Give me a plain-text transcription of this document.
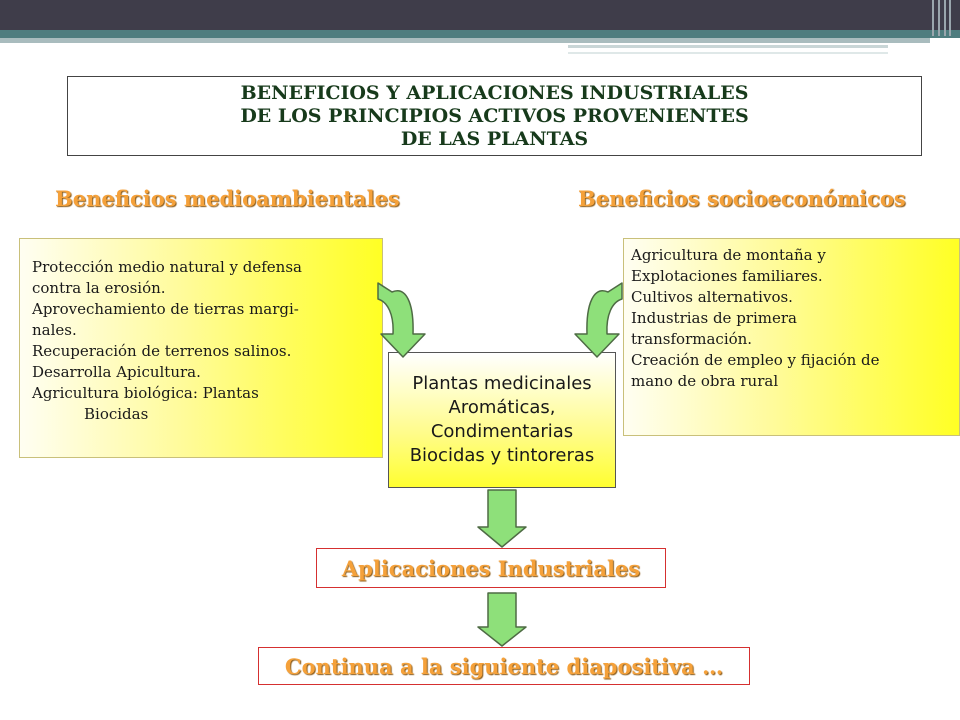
BENEFICIOS Y APLICACIONES INDUSTRIALES
DE LOS PRINCIPIOS ACTIVOS PROVENIENTES
DE LAS PLANTAS
Beneficios medioambientales	Beneficios socioeconómicos
Protección medio natural y defensa
contra la erosión.
Aprovechamiento de tierras margi-
nales.
Recuperación de terrenos salinos.
Desarrolla Apicultura.
Agricultura biológica: Plantas
Biocidas
Agricultura de montaña y
Explotaciones familiares.
Cultivos alternativos.
Industrias de primera
transformación.
Creación de empleo y fijación de
mano de obra rural
Plantas medicinales
Aromáticas,
Condimentarias
Biocidas y tintoreras
Aplicaciones Industriales
Continua a la siguiente diapositiva …
